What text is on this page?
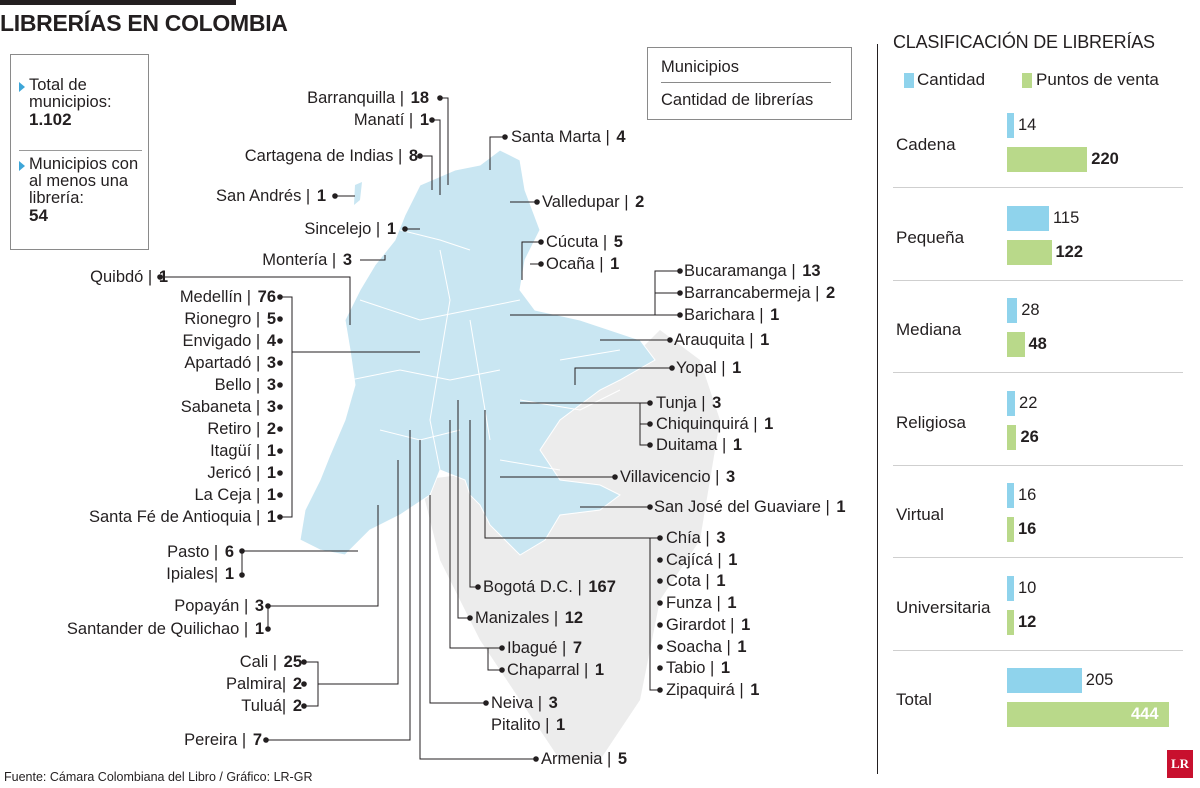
LIBRERÍAS EN COLOMBIA
Total de municipios:
1.102
Municipios con al menos una librería:
54
Municipios
Cantidad de librerías
Barranquilla | 18
Manatí | 1
Cartagena de Indias | 8
San Andrés | 1
Sincelejo | 1
Montería | 3
Quibdó | 1
Medellín | 76
Rionegro | 5
Envigado | 4
Apartadó | 3
Bello | 3
Sabaneta | 3
Retiro | 2
Itagüí | 1
Jericó | 1
La Ceja | 1
Santa Fé de Antioquia | 1
Pasto | 6
Ipiales| 1
Popayán | 3
Santander de Quilichao | 1
Cali | 25
Palmira| 2
Tuluá| 2
Pereira | 7
Santa Marta | 4
Valledupar | 2
Cúcuta | 5
Ocaña | 1	Bucaramanga | 13
Barrancabermeja | 2
Barichara | 1
Arauquita | 1
Yopal | 1
Tunja | 3
Chiquinquirá | 1
Duitama | 1
Villavicencio | 3
San José del Guaviare | 1
Chía | 3
Cajícá | 1
Cota | 1
Funza | 1
Girardot | 1
Soacha | 1
Tabio | 1
Zipaquirá | 1
Bogotá D.C. | 167
Manizales | 12
Ibagué | 7
Chaparral | 1
Neiva | 3
Pitalito | 1
Armenia | 5
CLASIFICACIÓN DE LIBRERÍAS
Cantidad	Puntos de venta
Cadena
14
220
Pequeña
115
122
Mediana
28
48
Religiosa
22
26
Virtual
16
16
Universitaria
10
12
Total
205
444
Fuente: Cámara Colombiana del Libro / Gráfico: LR-GR
LR
